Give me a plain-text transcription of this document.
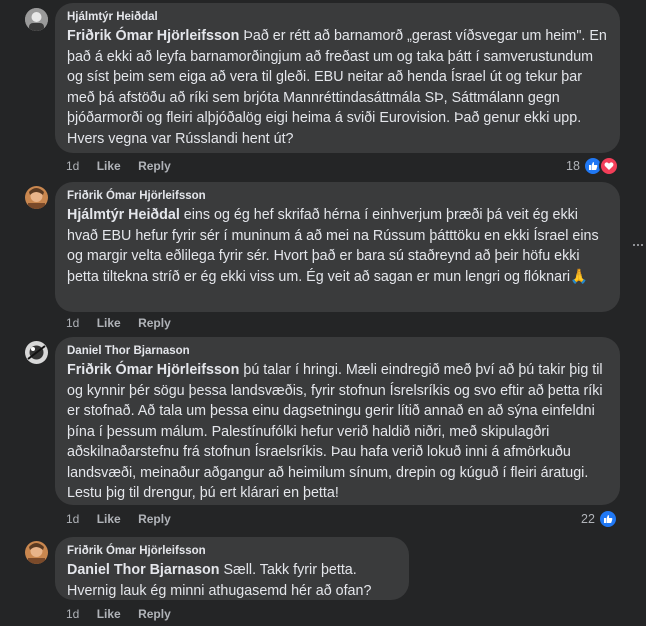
Hjálmtýr Heiðdal
Friðrik Ómar Hjörleifsson Það er rétt að barnamorð „gerast víðsvegar um heim". En það á ekki að leyfa barnamorðingjum að freðast um og taka þátt í samverustundum og síst þeim sem eiga að vera til gleði. EBU neitar að henda Ísrael út og tekur þar með þá afstöðu að ríki sem brjóta Mannréttindasáttmála SÞ, Sáttmálann gegn þjóðarmorði og fleiri alþjóðalög eigi heima á sviði Eurovision. Það genur ekki upp. Hvers vegna var Rússlandi hent út?
1d Like Reply	18
Friðrik Ómar Hjörleifsson
Hjálmtýr Heiðdal eins og ég hef skrifað hérna í einhverjum þræði þá veit ég ekki hvað EBU hefur fyrir sér í muninum á að mei na Rússum þátttöku en ekki Ísrael eins og margir velta eðlilega fyrir sér. Hvort það er bara sú staðreynd að þeir höfu ekki þetta tiltekna stríð er ég ekki viss um. Ég veit að sagan er mun lengri og flóknari🙏
1d Like Reply
Daniel Thor Bjarnason
Friðrik Ómar Hjörleifsson þú talar í hringi. Mæli eindregið með því að þú takir þig til og kynnir þér sögu þessa landsvæðis, fyrir stofnun Ísrelsríkis og svo eftir að þetta ríki er stofnað. Að tala um þessa einu dagsetningu gerir lítið annað en að sýna einfeldni þína í þessum málum. Palestínufólki hefur verið haldið niðri, með skipulagðri aðskilnaðarstefnu frá stofnun Ísraelsríkis. Þau hafa verið lokuð inni á afmörkuðu landsvæði, meinaður aðgangur að heimilum sínum, drepin og kúguð í fleiri áratugi. Lestu þig til drengur, þú ert klárari en þetta!
1d Like Reply	22
Friðrik Ómar Hjörleifsson
Daniel Thor Bjarnason Sæll. Takk fyrir þetta. Hvernig lauk ég minni athugasemd hér að ofan?
1d Like Reply
